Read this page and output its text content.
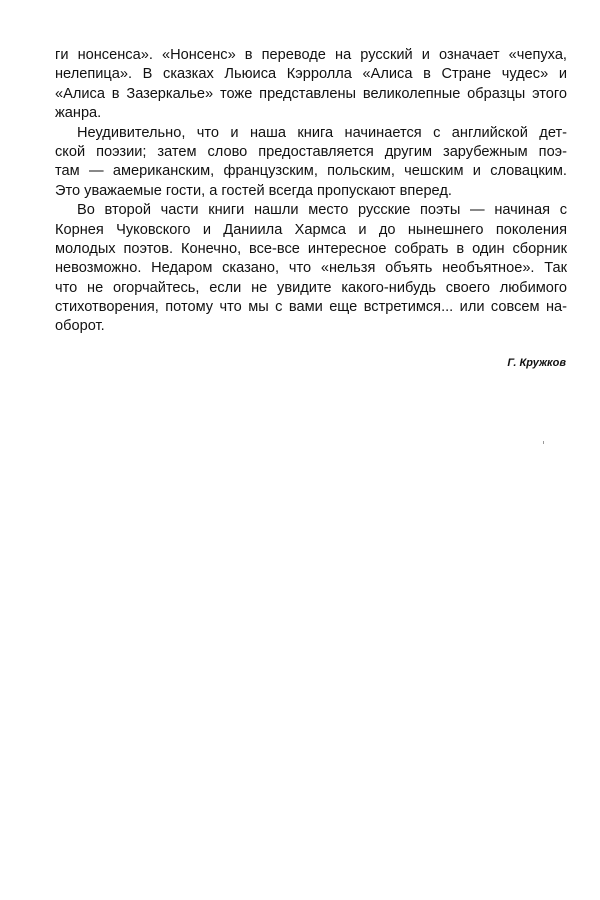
ги нонсенса». «Нонсенс» в переводе на русский и означает «чепуха,
нелепица». В сказках Льюиса Кэрролла «Алиса в Стране чудес» и
«Алиса в Зазеркалье» тоже представлены великолепные образцы этого
жанра.
Неудивительно, что и наша книга начинается с английской дет-
ской поэзии; затем слово предоставляется другим зарубежным поэ-
там — американским, французским, польским, чешским и словацким.
Это уважаемые гости, а гостей всегда пропускают вперед.
Во второй части книги нашли место русские поэты — начиная с
Корнея Чуковского и Даниила Хармса и до нынешнего поколения
молодых поэтов. Конечно, все-все интересное собрать в один сборник
невозможно. Недаром сказано, что «нельзя объять необъятное». Так
что не огорчайтесь, если не увидите какого-нибудь своего любимого
стихотворения, потому что мы с вами еще встретимся... или совсем на-
оборот.
Г. Кружков
